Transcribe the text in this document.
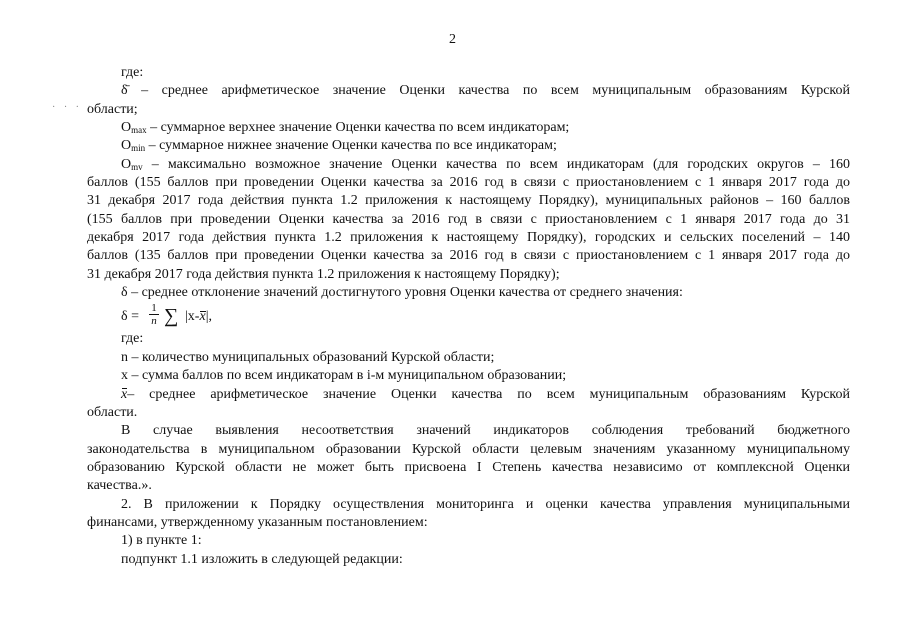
2
· · · ·
где:
δ̄ – среднее арифметическое значение Оценки качества по всем муниципальным образованиям Курской
области;
$O_{max}$ – суммарное верхнее значение Оценки качества по всем индикаторам;
$O_{min}$ – суммарное нижнее значение Оценки качества по все индикаторам;
$O_{mv}$ – максимально возможное значение Оценки качества по всем индикаторам (для городских округов – 160
баллов (155 баллов при проведении Оценки качества за 2016 год в связи с приостановлением с 1 января 2017 года до
31 декабря 2017 года действия пункта 1.2 приложения к настоящему Порядку), муниципальных районов – 160 баллов
(155 баллов при проведении Оценки качества за 2016 год в связи с приостановлением с 1 января 2017 года до 31
декабря 2017 года действия пункта 1.2 приложения к настоящему Порядку), городских и сельских поселений – 140
баллов (135 баллов при проведении Оценки качества за 2016 год в связи с приостановлением с 1 января 2017 года до
31 декабря 2017 года действия пункта 1.2 приложения к настоящему Порядку);
δ – среднее отклонение значений достигнутого уровня Оценки качества от среднего значения:
$\delta = \frac{1}{n}$ ∑ |x-x|,
где:
n – количество муниципальных образований Курской области;
x – сумма баллов по всем индикаторам в i-м муниципальном образовании;
x– среднее арифметическое значение Оценки качества по всем муниципальным образованиям Курской
области.
В случае выявления несоответствия значений индикаторов соблюдения требований бюджетного
законодательства в муниципальном образовании Курской области целевым значениям указанному муниципальному
образованию Курской области не может быть присвоена I Степень качества независимо от комплексной Оценки
качества.».
2. В приложении к Порядку осуществления мониторинга и оценки качества управления муниципальными
финансами, утвержденному указанным постановлением:
1) в пункте 1:
подпункт 1.1 изложить в следующей редакции:
